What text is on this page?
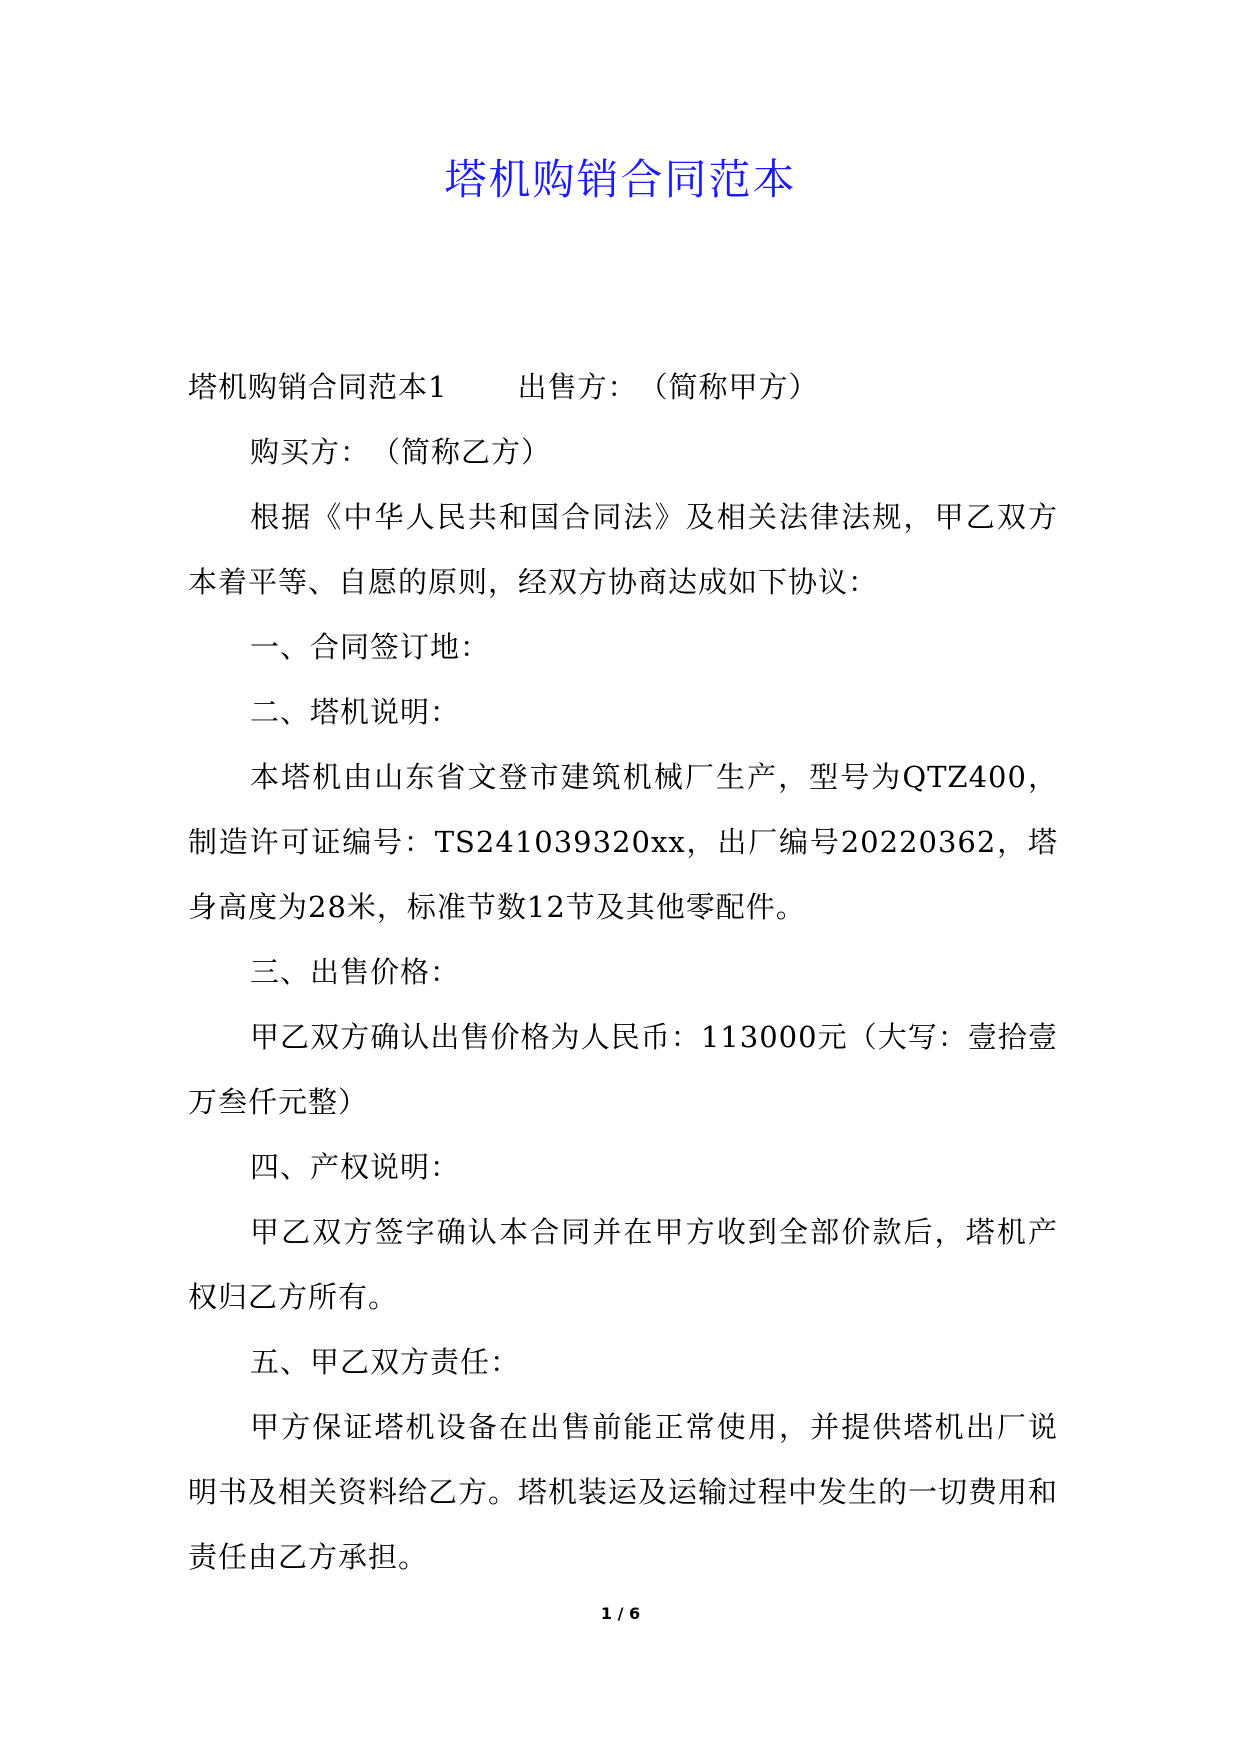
塔机购销合同范本

塔机购销合同范本1 出售方：　（简称甲方）

购买方：　（简称乙方）

根据《中华人民共和国合同法》及相关法律法规，甲乙双方本着平等、自愿的原则，经双方协商达成如下协议：

一、合同签订地：

二、塔机说明：

本塔机由山东省文登市建筑机械厂生产，型号为QTZ400，制造许可证编号：TS241039320xx，出厂编号20220362，塔身高度为28米，标准节数12节及其他零配件。

三、出售价格：

甲乙双方确认出售价格为人民币：113000元（大写：壹拾壹万叁仟元整）

四、产权说明：

甲乙双方签字确认本合同并在甲方收到全部价款后，塔机产权归乙方所有。

五、甲乙双方责任：

甲方保证塔机设备在出售前能正常使用，并提供塔机出厂说明书及相关资料给乙方。塔机装运及运输过程中发生的一切费用和责任由乙方承担。

1 / 6
